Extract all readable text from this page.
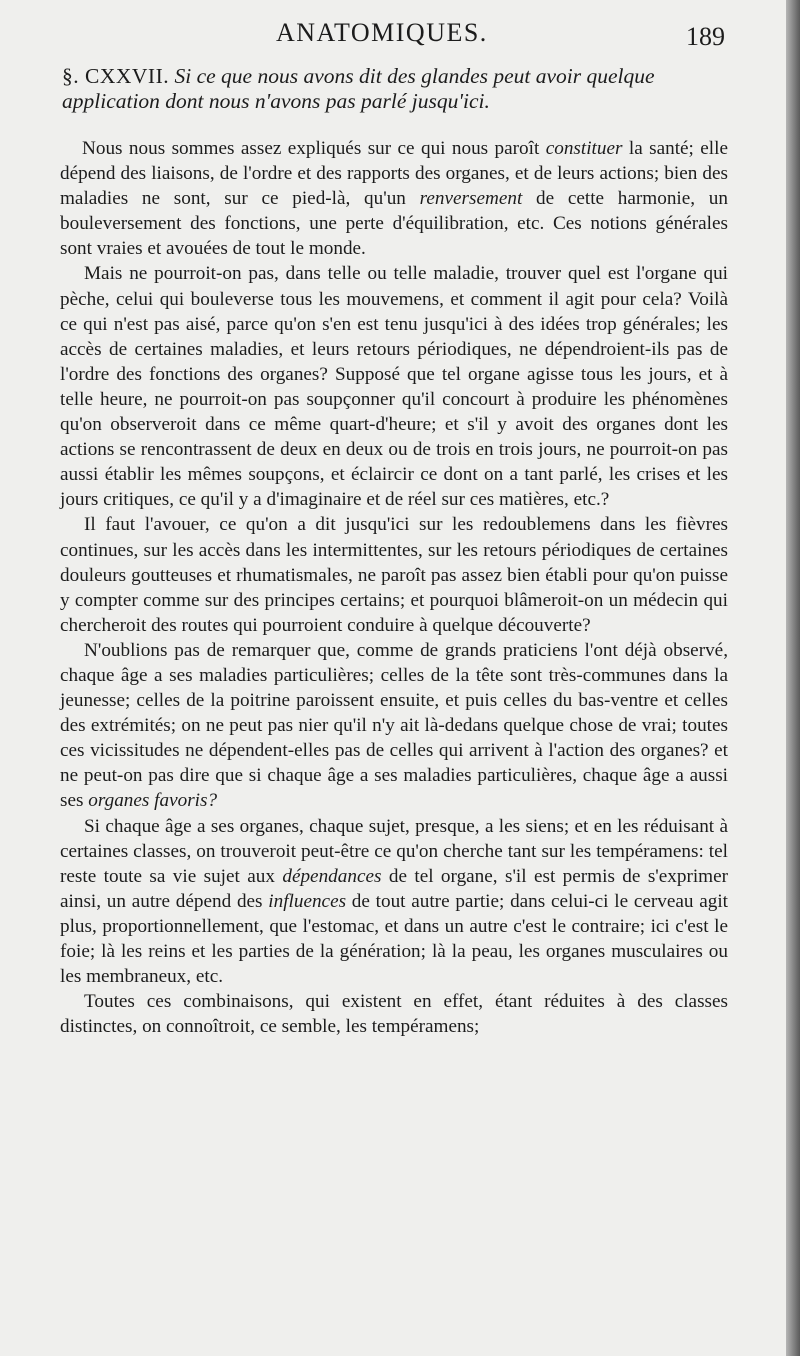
ANATOMIQUES.	189
§. CXXVII. Si ce que nous avons dit des glandes peut avoir quelque application dont nous n'avons pas parlé jusqu'ici.

Nous nous sommes assez expliqués sur ce qui nous paroît constituer la santé; elle dépend des liaisons, de l'ordre et des rapports des organes, et de leurs actions; bien des maladies ne sont, sur ce pied-là, qu'un renversement de cette harmonie, un bouleversement des fonctions, une perte d'équilibration, etc. Ces notions générales sont vraies et avouées de tout le monde.

Mais ne pourroit-on pas, dans telle ou telle maladie, trouver quel est l'organe qui pèche, celui qui bouleverse tous les mouvemens, et comment il agit pour cela? Voilà ce qui n'est pas aisé, parce qu'on s'en est tenu jusqu'ici à des idées trop générales; les accès de certaines maladies, et leurs retours périodiques, ne dépendroient-ils pas de l'ordre des fonctions des organes? Supposé que tel organe agisse tous les jours, et à telle heure, ne pourroit-on pas soupçonner qu'il concourt à produire les phénomènes qu'on observeroit dans ce même quart-d'heure; et s'il y avoit des organes dont les actions se rencontrassent de deux en deux ou de trois en trois jours, ne pourroit-on pas aussi établir les mêmes soupçons, et éclaircir ce dont on a tant parlé, les crises et les jours critiques, ce qu'il y a d'imaginaire et de réel sur ces matières, etc.?

Il faut l'avouer, ce qu'on a dit jusqu'ici sur les redoublemens dans les fièvres continues, sur les accès dans les intermittentes, sur les retours périodiques de certaines douleurs goutteuses et rhumatismales, ne paroît pas assez bien établi pour qu'on puisse y compter comme sur des principes certains; et pourquoi blâmeroit-on un médecin qui chercheroit des routes qui pourroient conduire à quelque découverte?

N'oublions pas de remarquer que, comme de grands praticiens l'ont déjà observé, chaque âge a ses maladies particulières; celles de la tête sont très-communes dans la jeunesse; celles de la poitrine paroissent ensuite, et puis celles du bas-ventre et celles des extrémités; on ne peut pas nier qu'il n'y ait là-dedans quelque chose de vrai; toutes ces vicissitudes ne dépendent-elles pas de celles qui arrivent à l'action des organes? et ne peut-on pas dire que si chaque âge a ses maladies particulières, chaque âge a aussi ses organes favoris?

Si chaque âge a ses organes, chaque sujet, presque, a les siens; et en les réduisant à certaines classes, on trouveroit peut-être ce qu'on cherche tant sur les tempéramens: tel reste toute sa vie sujet aux dépendances de tel organe, s'il est permis de s'exprimer ainsi, un autre dépend des influences de tout autre partie; dans celui-ci le cerveau agit plus, proportionnellement, que l'estomac, et dans un autre c'est le contraire; ici c'est le foie; là les reins et les parties de la génération; là la peau, les organes musculaires ou les membraneux, etc.

Toutes ces combinaisons, qui existent en effet, étant réduites à des classes distinctes, on connoîtroit, ce semble, les tempéramens;
